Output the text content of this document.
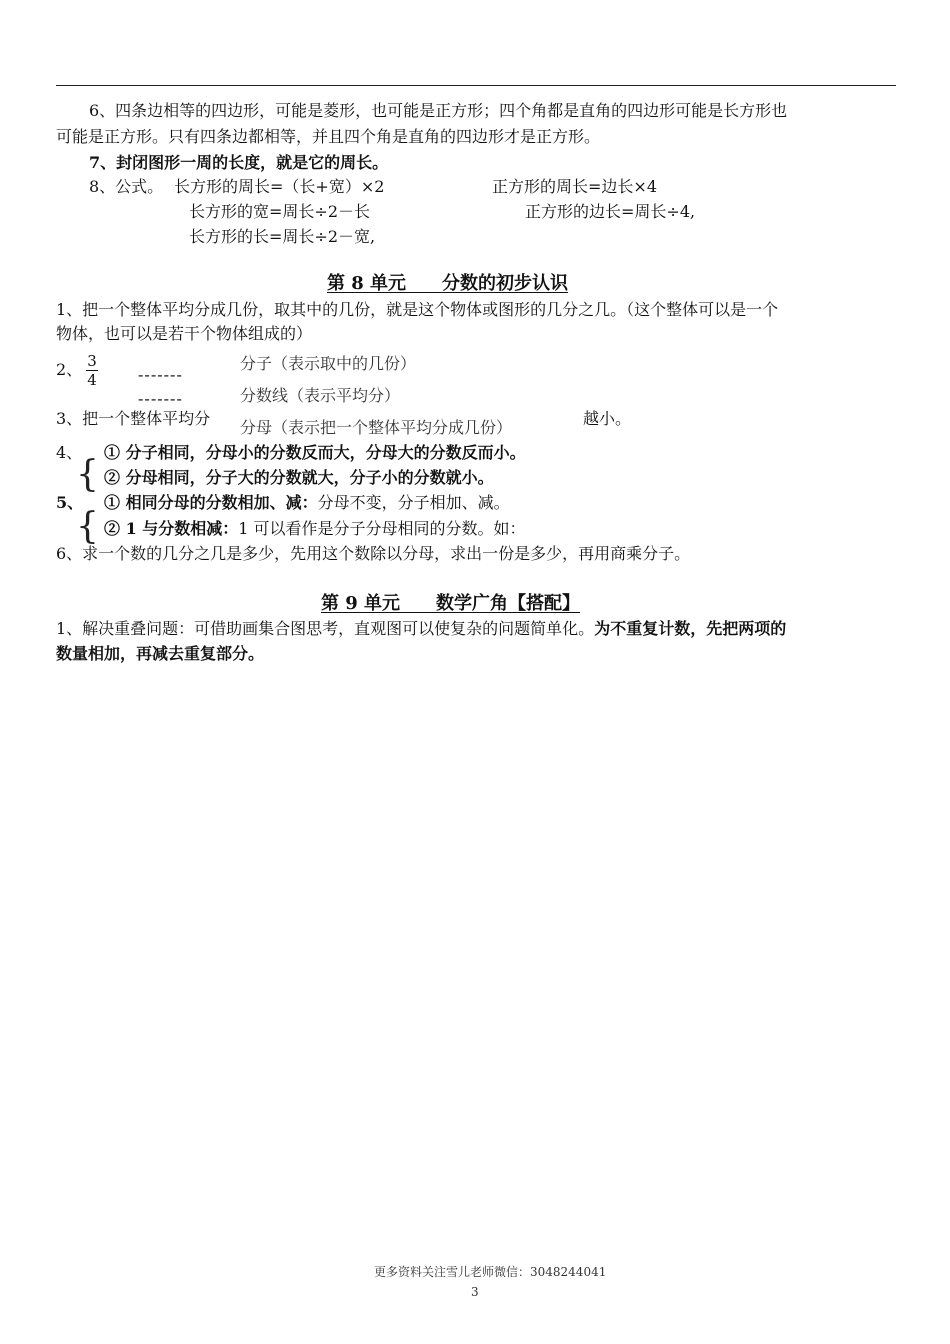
6、四条边相等的四边形，可能是菱形，也可能是正方形；四个角都是直角的四边形可能是长方形也
可能是正方形。只有四条边都相等，并且四个角是直角的四边形才是正方形。
7、封闭图形一周的长度，就是它的周长。
8、公式。 长方形的周长=（长+宽）×2	正方形的周长=边长×4
长方形的宽=周长÷2－长	正方形的边长=周长÷4,
长方形的长=周长÷2－宽,
第 8 单元　　分数的初步认识
1、把一个整体平均分成几份，取其中的几份，就是这个物体或图形的几分之几。（这个整体可以是一个
物体，也可以是若干个物体组成的）
2、 $\frac{3}{4}$	-------
-------
分子（表示取中的几份）
分数线（表示平均分）
3、把一个整体平均分 分母（表示把一个整体平均分成几份）	越小。
4、 ① 分子相同，分母小的分数反而大，分母大的分数反而小。
{ ② 分母相同，分子大的分数就大，分子小的分数就小。
5、 ① 相同分母的分数相加、减：分母不变，分子相加、减。
{ ② 1 与分数相减：1 可以看作是分子分母相同的分数。如：
6、求一个数的几分之几是多少，先用这个数除以分母，求出一份是多少，再用商乘分子。
第 9 单元　　数学广角【搭配】
1、解决重叠问题：可借助画集合图思考，直观图可以使复杂的问题简单化。为不重复计数，先把两项的
数量相加，再减去重复部分。
更多资料关注雪儿老师微信：3048244041
3
